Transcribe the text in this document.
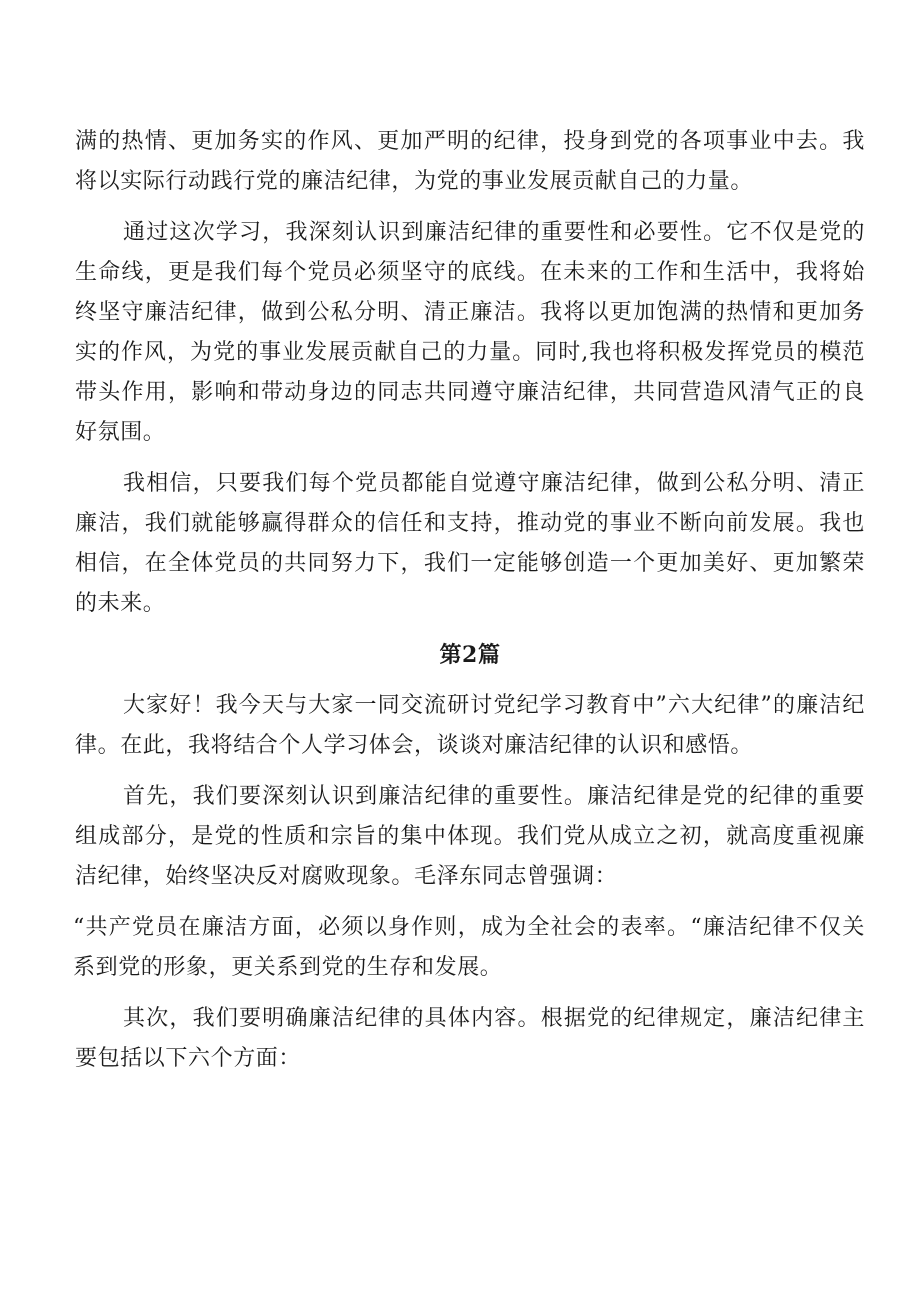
满的热情、更加务实的作风、更加严明的纪律，投身到党的各项事业中去。我将以实际行动践行党的廉洁纪律，为党的事业发展贡献自己的力量。

通过这次学习，我深刻认识到廉洁纪律的重要性和必要性。它不仅是党的生命线，更是我们每个党员必须坚守的底线。在未来的工作和生活中，我将始终坚守廉洁纪律，做到公私分明、清正廉洁。我将以更加饱满的热情和更加务实的作风，为党的事业发展贡献自己的力量。同时,我也将积极发挥党员的模范带头作用，影响和带动身边的同志共同遵守廉洁纪律，共同营造风清气正的良好氛围。

我相信，只要我们每个党员都能自觉遵守廉洁纪律，做到公私分明、清正廉洁，我们就能够赢得群众的信任和支持，推动党的事业不断向前发展。我也相信，在全体党员的共同努力下，我们一定能够创造一个更加美好、更加繁荣的未来。

第2篇

大家好！我今天与大家一同交流研讨党纪学习教育中”六大纪律”的廉洁纪律。在此，我将结合个人学习体会，谈谈对廉洁纪律的认识和感悟。

首先，我们要深刻认识到廉洁纪律的重要性。廉洁纪律是党的纪律的重要组成部分，是党的性质和宗旨的集中体现。我们党从成立之初，就高度重视廉洁纪律，始终坚决反对腐败现象。毛泽东同志曾强调：

“共产党员在廉洁方面，必须以身作则，成为全社会的表率。“廉洁纪律不仅关系到党的形象，更关系到党的生存和发展。

其次，我们要明确廉洁纪律的具体内容。根据党的纪律规定，廉洁纪律主要包括以下六个方面：
